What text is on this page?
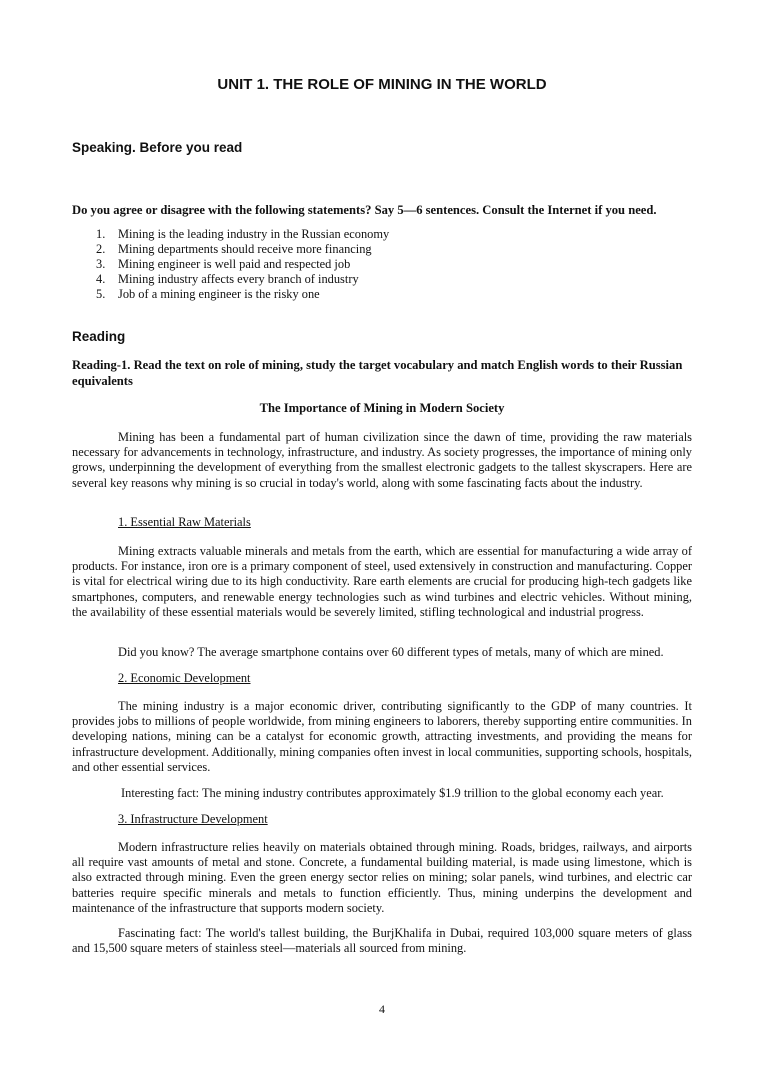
UNIT 1. THE ROLE OF MINING IN THE WORLD
Speaking. Before you read
Do you agree or disagree with the following statements? Say 5—6 sentences. Consult the Internet if you need.
1.	Mining is the leading industry in the Russian economy
2.	Mining departments should receive more financing
3.	Mining engineer is well paid and respected job
4.	Mining industry affects every branch of industry
5.	Job of a mining engineer is the risky one
Reading
Reading-1. Read the text on role of mining, study the target vocabulary and match English words to their Russian equivalents
The Importance of Mining in Modern Society
Mining has been a fundamental part of human civilization since the dawn of time, providing the raw materials necessary for advancements in technology, infrastructure, and industry. As society progresses, the importance of mining only grows, underpinning the development of everything from the smallest electronic gadgets to the tallest skyscrapers. Here are several key reasons why mining is so crucial in today's world, along with some fascinating facts about the industry.
1. Essential Raw Materials
Mining extracts valuable minerals and metals from the earth, which are essential for manufacturing a wide array of products. For instance, iron ore is a primary component of steel, used extensively in construction and manufacturing. Copper is vital for electrical wiring due to its high conductivity. Rare earth elements are crucial for producing high-tech gadgets like smartphones, computers, and renewable energy technologies such as wind turbines and electric vehicles. Without mining, the availability of these essential materials would be severely limited, stifling technological and industrial progress.
Did you know? The average smartphone contains over 60 different types of metals, many of which are mined.
2. Economic Development
The mining industry is a major economic driver, contributing significantly to the GDP of many countries. It provides jobs to millions of people worldwide, from mining engineers to laborers, thereby supporting entire communities. In developing nations, mining can be a catalyst for economic growth, attracting investments, and providing the means for infrastructure development. Additionally, mining companies often invest in local communities, supporting schools, hospitals, and other essential services.
Interesting fact: The mining industry contributes approximately $1.9 trillion to the global economy each year.
3. Infrastructure Development
Modern infrastructure relies heavily on materials obtained through mining. Roads, bridges, railways, and airports all require vast amounts of metal and stone. Concrete, a fundamental building material, is made using limestone, which is also extracted through mining. Even the green energy sector relies on mining; solar panels, wind turbines, and electric car batteries require specific minerals and metals to function efficiently. Thus, mining underpins the development and maintenance of the infrastructure that supports modern society.
Fascinating fact: The world's tallest building, the BurjKhalifa in Dubai, required 103,000 square meters of glass and 15,500 square meters of stainless steel—materials all sourced from mining.
4
